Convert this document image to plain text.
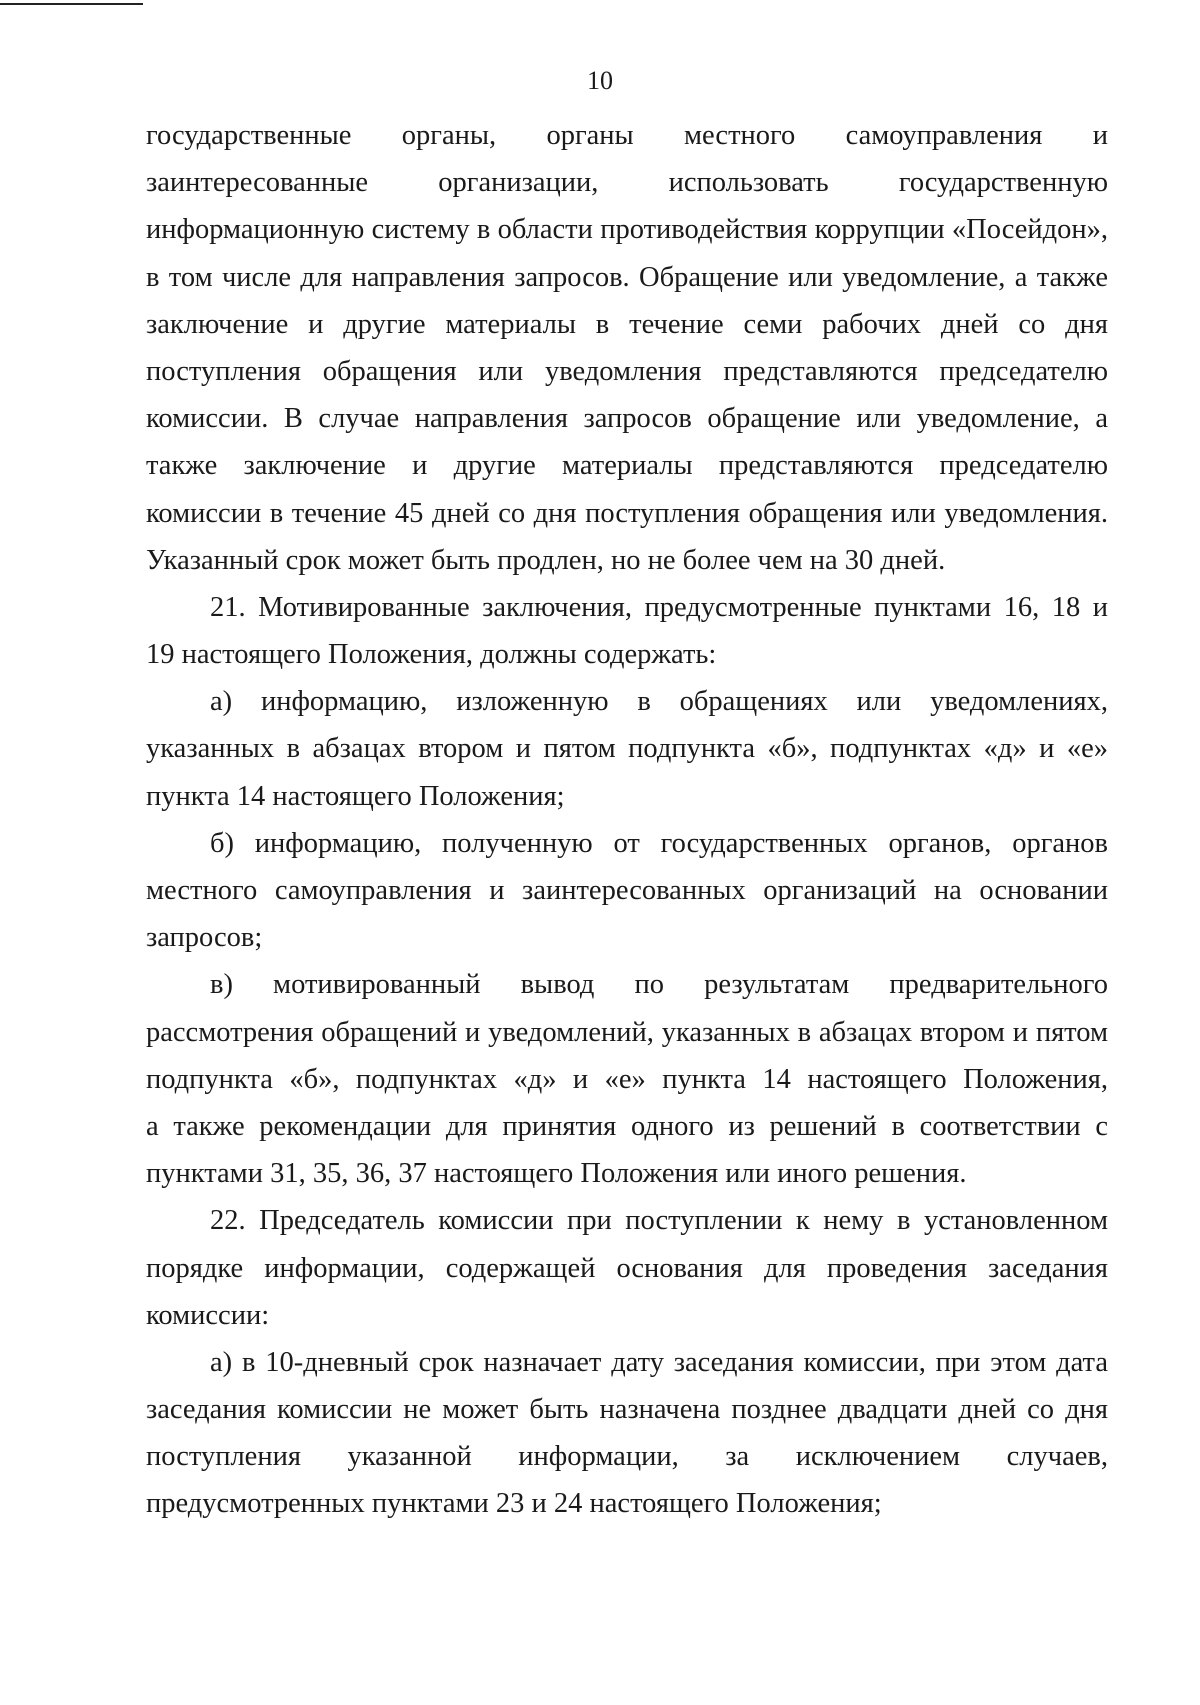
10
государственные органы, органы местного самоуправления и
заинтересованные организации, использовать государственную
информационную систему в области противодействия коррупции «Посейдон»,
в том числе для направления запросов. Обращение или уведомление, а также
заключение и другие материалы в течение семи рабочих дней со дня
поступления обращения или уведомления представляются председателю
комиссии. В случае направления запросов обращение или уведомление, а
также заключение и другие материалы представляются председателю
комиссии в течение 45 дней со дня поступления обращения или уведомления.
Указанный срок может быть продлен, но не более чем на 30 дней.
21. Мотивированные заключения, предусмотренные пунктами 16, 18 и
19 настоящего Положения, должны содержать:
а) информацию, изложенную в обращениях или уведомлениях,
указанных в абзацах втором и пятом подпункта «б», подпунктах «д» и «е»
пункта 14 настоящего Положения;
б) информацию, полученную от государственных органов, органов
местного самоуправления и заинтересованных организаций на основании
запросов;
в) мотивированный вывод по результатам предварительного
рассмотрения обращений и уведомлений, указанных в абзацах втором и пятом
подпункта «б», подпунктах «д» и «е» пункта 14 настоящего Положения,
а также рекомендации для принятия одного из решений в соответствии с
пунктами 31, 35, 36, 37 настоящего Положения или иного решения.
22. Председатель комиссии при поступлении к нему в установленном
порядке информации, содержащей основания для проведения заседания
комиссии:
а) в 10-дневный срок назначает дату заседания комиссии, при этом дата
заседания комиссии не может быть назначена позднее двадцати дней со дня
поступления указанной информации, за исключением случаев,
предусмотренных пунктами 23 и 24 настоящего Положения;
